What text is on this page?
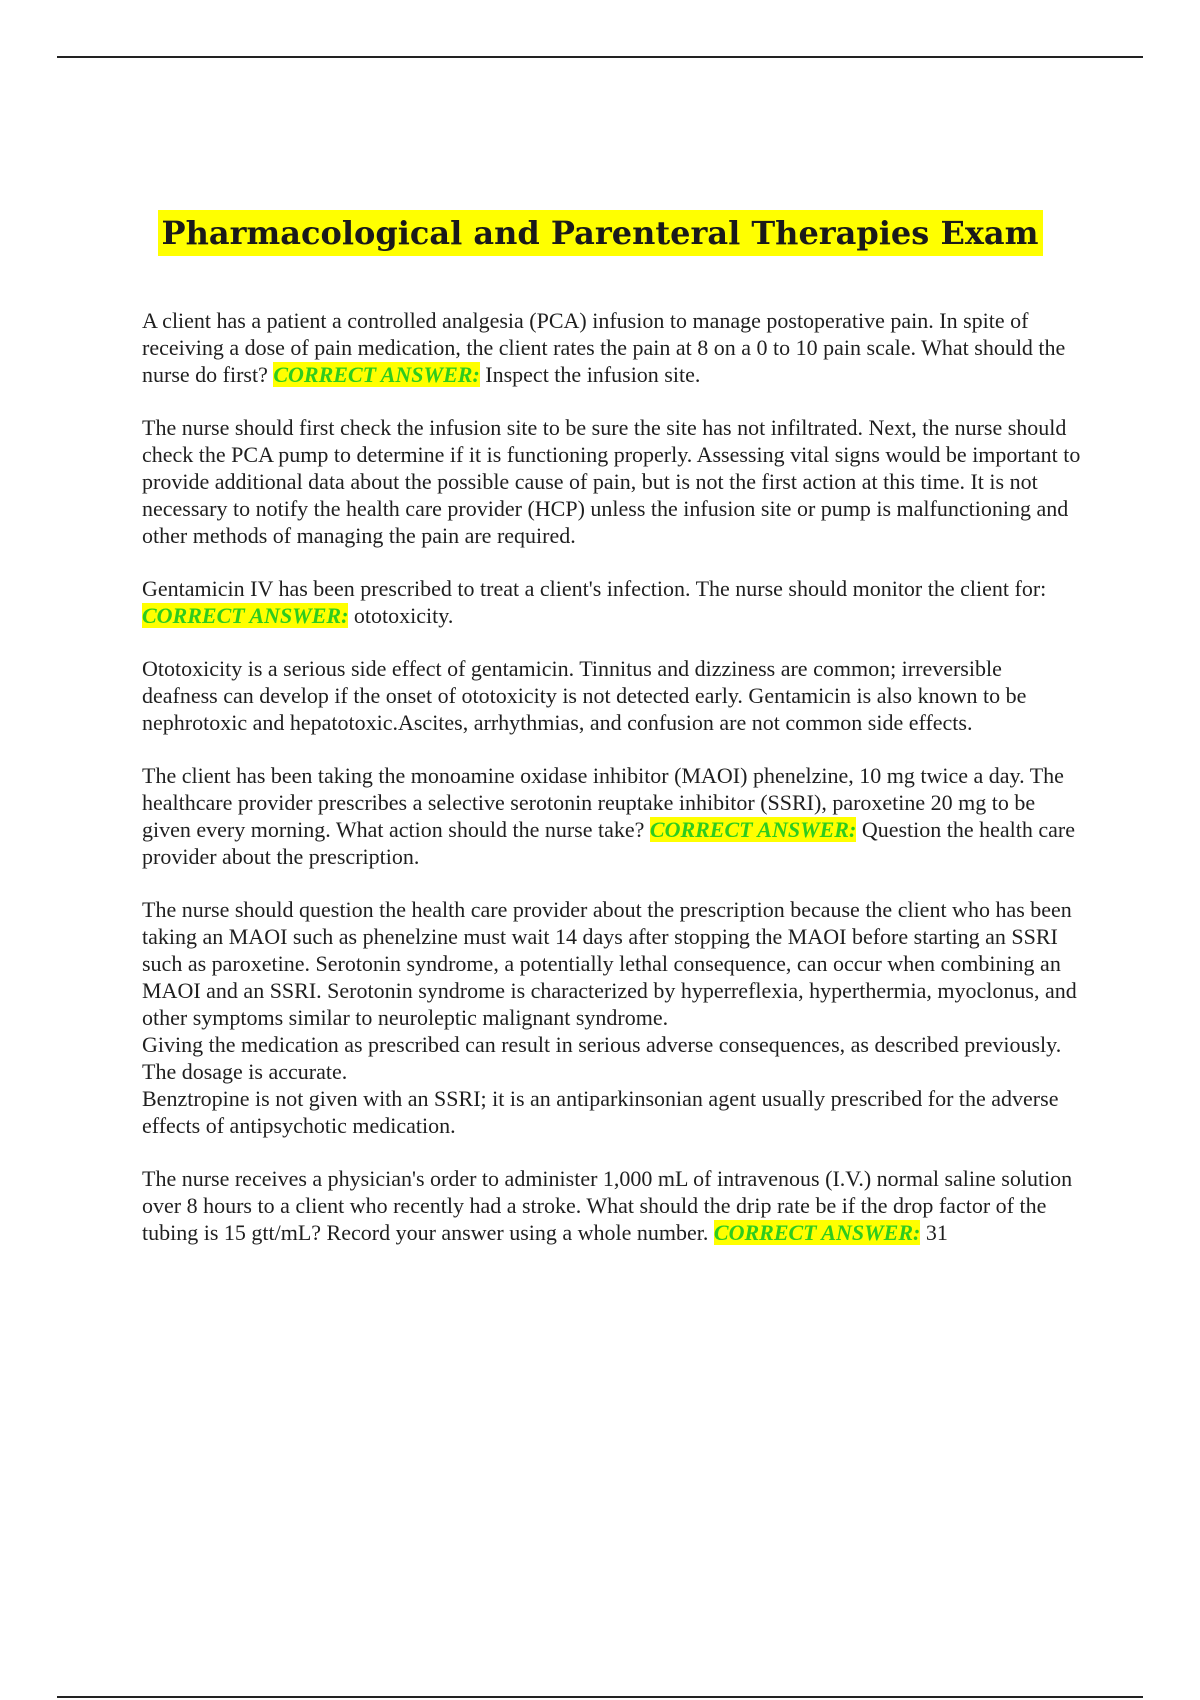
Pharmacological and Parenteral Therapies Exam

A client has a patient a controlled analgesia (PCA) infusion to manage postoperative pain. In spite of receiving a dose of pain medication, the client rates the pain at 8 on a 0 to 10 pain scale. What should the nurse do first? CORRECT ANSWER: Inspect the infusion site.

The nurse should first check the infusion site to be sure the site has not infiltrated. Next, the nurse should check the PCA pump to determine if it is functioning properly. Assessing vital signs would be important to provide additional data about the possible cause of pain, but is not the first action at this time. It is not necessary to notify the health care provider (HCP) unless the infusion site or pump is malfunctioning and other methods of managing the pain are required.

Gentamicin IV has been prescribed to treat a client's infection. The nurse should monitor the client for: CORRECT ANSWER: ototoxicity.

Ototoxicity is a serious side effect of gentamicin. Tinnitus and dizziness are common; irreversible deafness can develop if the onset of ototoxicity is not detected early. Gentamicin is also known to be nephrotoxic and hepatotoxic.Ascites, arrhythmias, and confusion are not common side effects.

The client has been taking the monoamine oxidase inhibitor (MAOI) phenelzine, 10 mg twice a day. The healthcare provider prescribes a selective serotonin reuptake inhibitor (SSRI), paroxetine 20 mg to be given every morning. What action should the nurse take? CORRECT ANSWER: Question the health care provider about the prescription.

The nurse should question the health care provider about the prescription because the client who has been taking an MAOI such as phenelzine must wait 14 days after stopping the MAOI before starting an SSRI such as paroxetine. Serotonin syndrome, a potentially lethal consequence, can occur when combining an MAOI and an SSRI. Serotonin syndrome is characterized by hyperreflexia, hyperthermia, myoclonus, and other symptoms similar to neuroleptic malignant syndrome.

Giving the medication as prescribed can result in serious adverse consequences, as described previously.

The dosage is accurate.

Benztropine is not given with an SSRI; it is an antiparkinsonian agent usually prescribed for the adverse effects of antipsychotic medication.

The nurse receives a physician's order to administer 1,000 mL of intravenous (I.V.) normal saline solution over 8 hours to a client who recently had a stroke. What should the drip rate be if the drop factor of the tubing is 15 gtt/mL? Record your answer using a whole number. CORRECT ANSWER: 31
